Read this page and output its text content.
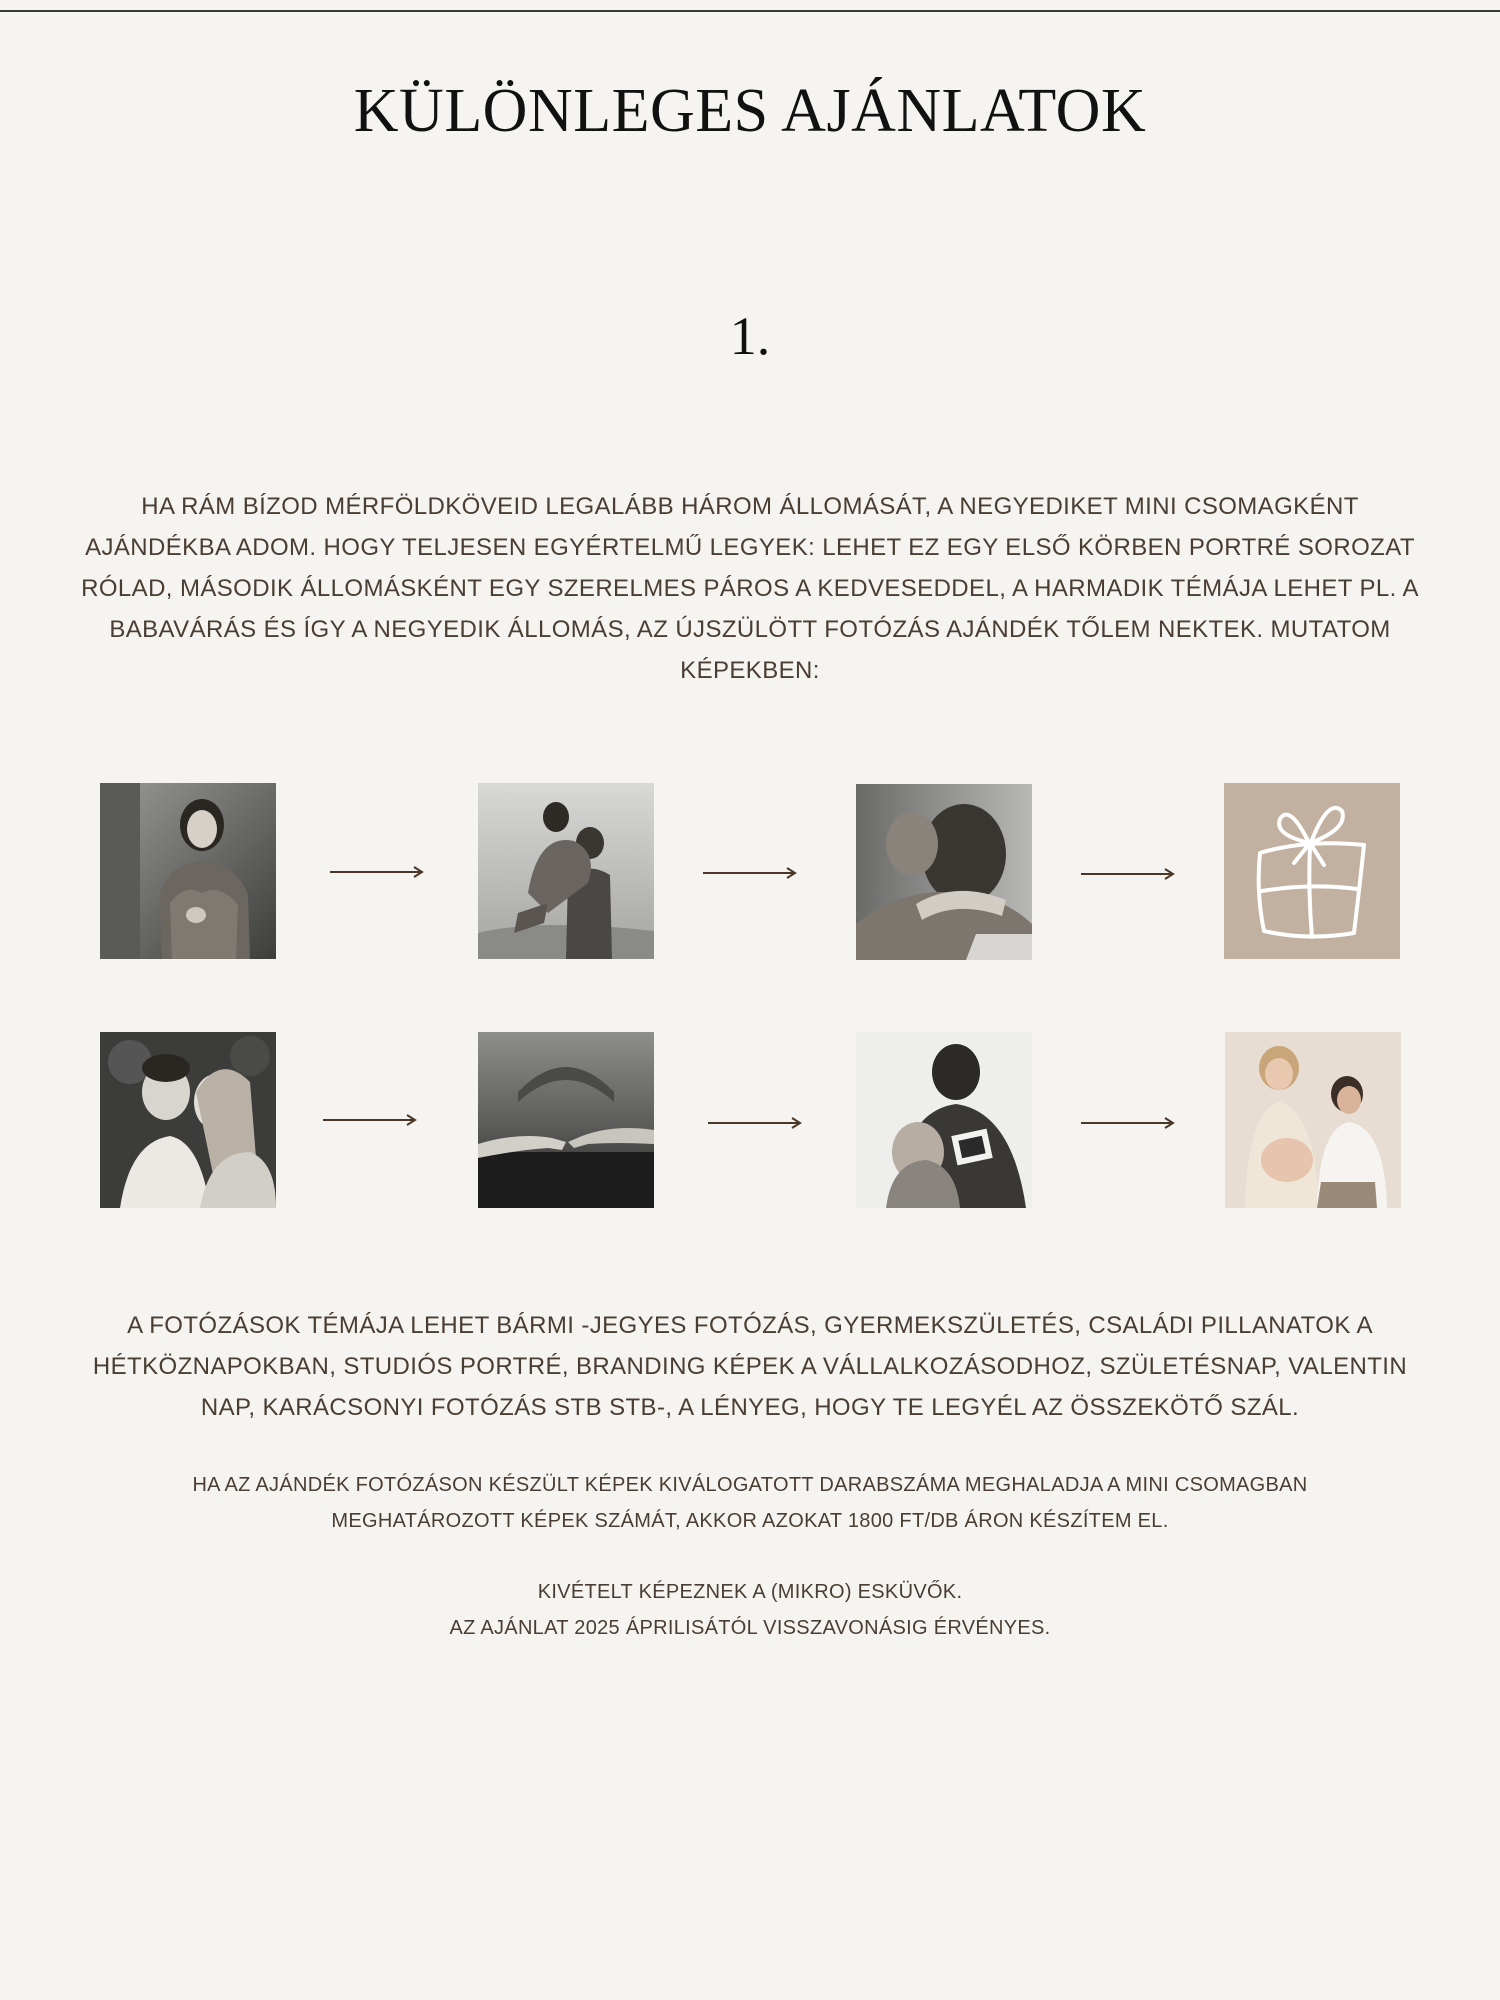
KÜLÖNLEGES AJÁNLATOK
1.
HA RÁM BÍZOD MÉRFÖLDKÖVEID LEGALÁBB HÁROM ÁLLOMÁSÁT, A NEGYEDIKET MINI CSOMAGKÉNT AJÁNDÉKBA ADOM. HOGY TELJESEN EGYÉRTELMŰ LEGYEK: LEHET EZ EGY ELSŐ KÖRBEN PORTRÉ SOROZAT RÓLAD, MÁSODIK ÁLLOMÁSKÉNT EGY SZERELMES PÁROS A KEDVESEDDEL, A HARMADIK TÉMÁJA LEHET PL. A BABAVÁRÁS ÉS ÍGY A NEGYEDIK ÁLLOMÁS, AZ ÚJSZÜLÖTT FOTÓZÁS AJÁNDÉK TŐLEM NEKTEK. MUTATOM KÉPEKBEN:
A FOTÓZÁSOK TÉMÁJA LEHET BÁRMI -JEGYES FOTÓZÁS, GYERMEKSZÜLETÉS, CSALÁDI PILLANATOK A HÉTKÖZNAPOKBAN, STUDIÓS PORTRÉ, BRANDING KÉPEK A VÁLLALKOZÁSODHOZ, SZÜLETÉSNAP, VALENTIN NAP, KARÁCSONYI FOTÓZÁS STB STB-, A LÉNYEG, HOGY TE LEGYÉL AZ ÖSSZEKÖTŐ SZÁL.
HA AZ AJÁNDÉK FOTÓZÁSON KÉSZÜLT KÉPEK KIVÁLOGATOTT DARABSZÁMA MEGHALADJA A MINI CSOMAGBAN MEGHATÁROZOTT KÉPEK SZÁMÁT, AKKOR AZOKAT 1800 FT/DB ÁRON KÉSZÍTEM EL.
KIVÉTELT KÉPEZNEK A (MIKRO) ESKÜVŐK.
AZ AJÁNLAT 2025 ÁPRILISÁTÓL VISSZAVONÁSIG ÉRVÉNYES.
